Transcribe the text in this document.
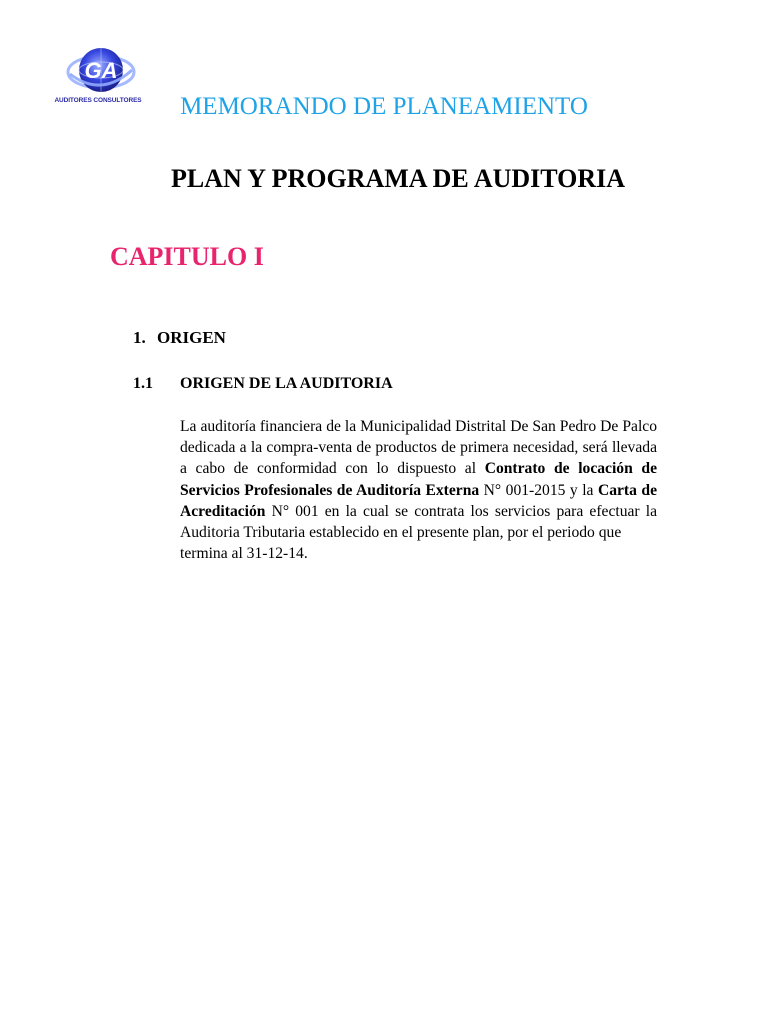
GA
AUDITORES CONSULTORES	MEMORANDO DE PLANEAMIENTO
PLAN Y PROGRAMA DE AUDITORIA
CAPITULO I
1. ORIGEN
1.1 ORIGEN DE LA AUDITORIA
La auditoría financiera de la Municipalidad Distrital De San Pedro De Palco dedicada a la compra-venta de productos de primera necesidad, será llevada a cabo de conformidad con lo dispuesto al Contrato de locación de Servicios Profesionales de Auditoría Externa N° 001-2015 y la Carta de Acreditación N° 001 en la cual se contrata los servicios para efectuar la Auditoria Tributaria establecido en el presente plan, por el periodo que
termina al 31-12-14.
